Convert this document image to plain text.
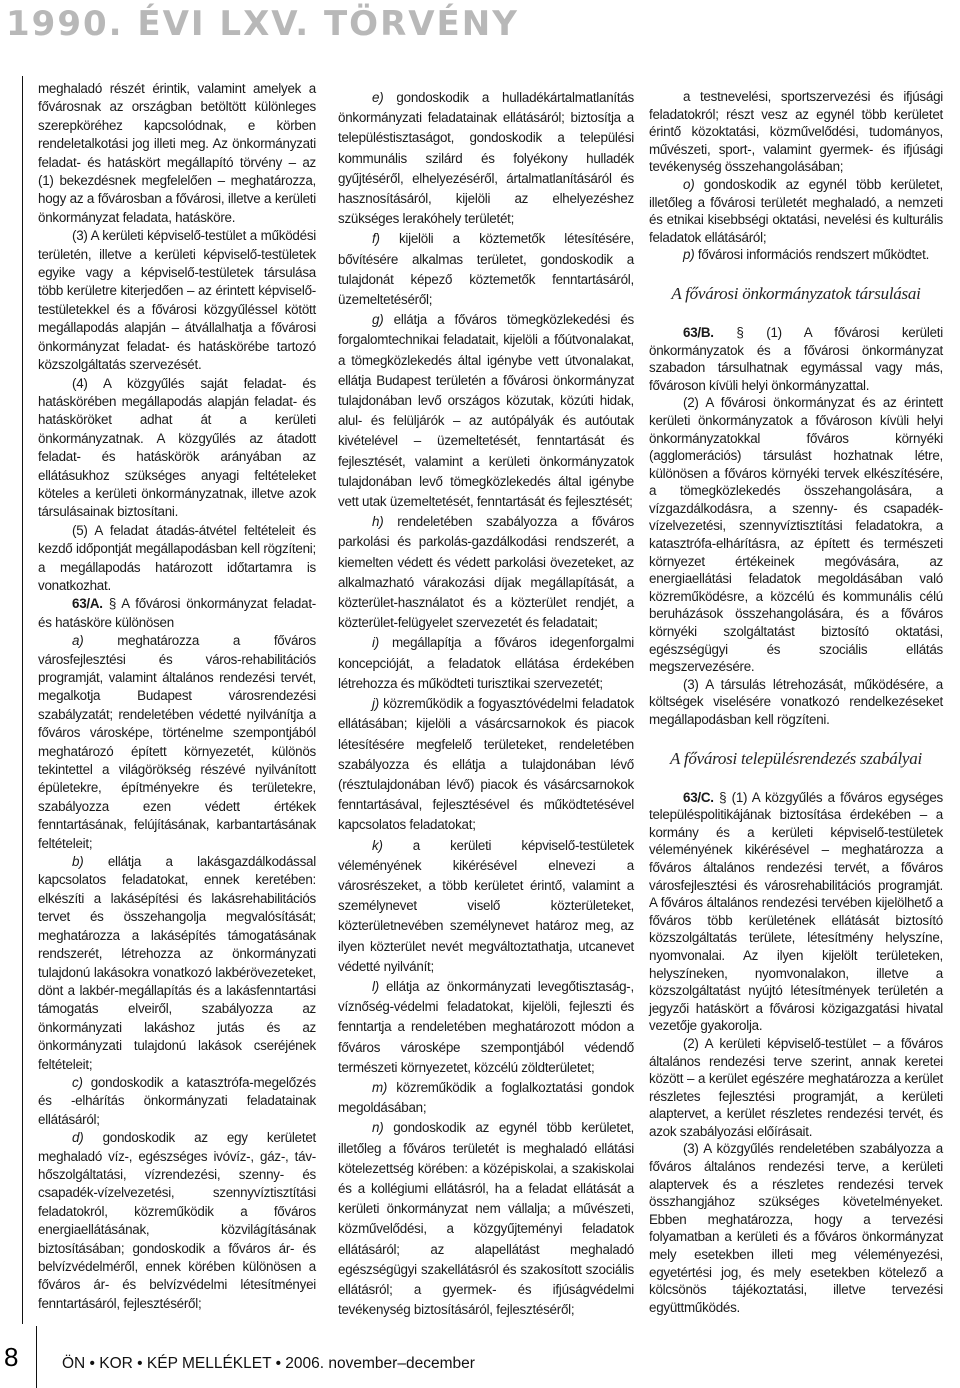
1990. ÉVI LXV. TÖRVÉNY

meghaladó részét érintik, valamint amelyek a fővárosnak az országban betöltött különleges szerepköréhez kapcsolódnak, e körben rendeletalkotási jog illeti meg. Az önkormányzati feladat- és hatáskört megállapító törvény – az (1) bekezdésnek megfelelően – meghatározza, hogy az a fővárosban a fővárosi, illetve a kerületi önkormányzat feladata, hatásköre.

(3) A kerületi képviselő-testület a működési területén, illetve a kerületi képviselő-testületek egyike vagy a képviselő-testületek társulása több kerületre kiterjedően – az érintett képviselő-testületekkel és a fővárosi közgyűléssel kötött megállapodás alapján – átvállalhatja a fővárosi önkormányzat feladat- és hatáskörébe tartozó közszolgáltatás szervezését.

(4) A közgyűlés saját feladat- és hatáskörében megállapodás alapján feladat- és hatásköröket adhat át a kerületi önkormányzatnak. A közgyűlés az átadott feladat- és hatáskörök arányában az ellátásukhoz szükséges anyagi feltételeket köteles a kerületi önkormányzatnak, illetve azok társulásainak biztosítani.

(5) A feladat átadás-átvétel feltételeit és kezdő időpontját megállapodásban kell rögzíteni; a megállapodás határozott időtartamra is vonatkozhat.

63/A. § A fővárosi önkormányzat feladat- és hatásköre különösen

a)	meghatározza a főváros városfejlesztési és város-rehabilitációs programját, valamint általános rendezési tervét, megalkotja Budapest városrendezési szabályzatát; rendeletében védetté nyilvánítja a főváros városképe, történelme szempontjából meghatározó épített környezetét, különös tekintettel a világörökség részévé nyilvánított épületekre, építményekre és területekre, szabályozza ezen védett értékek fenntartásának, felújításának, karbantartásának feltételeit;

b) ellátja a lakásgazdálkodással kapcsolatos feladatokat, ennek keretében: elkészíti a lakásépítési és lakásrehabilitációs tervet és összehangolja megvalósítását; meghatározza a lakásépítés támogatásának rendszerét, létrehozza az önkormányzati tulajdonú lakásokra vonatkozó lakbérövezeteket, dönt a lakbér-megállapítás és a lakásfenntartási támogatás elveiről, szabályozza az önkormányzati lakáshoz jutás és az önkormányzati tulajdonú lakások cseréjének feltételeit;

c) gondoskodik a katasztrófa-megelőzés és -elhárítás önkormányzati feladatainak ellátásáról;

d) gondoskodik az egy kerületet meghaladó víz-, egészséges ivóvíz-, gáz-, táv-hőszolgáltatási, vízrendezési, szenny- és csapadék-vízelvezetési, szennyvíztisztítási feladatokról, közreműködik a főváros energiaellátásának, közvilágításának biztosításában; gondoskodik a főváros ár- és belvízvédelméről, ennek körében különösen a főváros ár- és belvízvédelmi létesítményei fenntartásáról, fejlesztéséről;

e) gondoskodik a hulladékártalmatlanítás önkormányzati feladatainak ellátásáról; biztosítja a településtisztaságot, gondoskodik a települési kommunális szilárd és folyékony hulladék gyűjtéséről, elhelyezéséről, ártalmatlanításáról és hasznosításáról, kijelöli az elhelyezéshez szükséges lerakóhely területét;

f) kijelöli a köztemetők létesítésére, bővítésére alkalmas területet, gondoskodik a tulajdonát képező köztemetők fenntartásáról, üzemeltetéséről;

g) ellátja a főváros tömegközlekedési és forgalomtechnikai feladatait, kijelöli a főútvonalakat, a tömegközlekedés által igénybe vett útvonalakat, ellátja Budapest területén a fővárosi önkormányzat tulajdonában levő országos közutak, közúti hidak, alul- és felüljárók – az autópályák és autóutak kivételével – üzemeltetését, fenntartását és fejlesztését, valamint a kerületi önkormányzatok tulajdonában levő tömegközlekedés által igénybe vett utak üzemeltetését, fenntartását és fejlesztését;

h) rendeletében szabályozza a főváros parkolási és parkolás-gazdálkodási rendszerét, a kiemelten védett és védett parkolási övezeteket, az alkalmazható várakozási díjak megállapítását, a közterület-használatot és a közterület rendjét, a közterület-felügyelet szervezetét és feladatait;

i) megállapítja a főváros idegenforgalmi koncepcióját, a feladatok ellátása érdekében létrehozza és működteti turisztikai szervezetét;

j) közreműködik a fogyasztóvédelmi feladatok ellátásában; kijelöli a vásárcsarnokok és piacok létesítésére megfelelő területeket, rendeletében szabályozza és ellátja a tulajdonában lévő (résztulajdonában lévő) piacok és vásárcsarnokok fenntartásával, fejlesztésével és működtetésével kapcsolatos feladatokat;

k) a kerületi képviselő-testületek véleményének kikérésével elnevezi a városrészeket, a több kerületet érintő, valamint a személynevet viselő közterületeket, közterületnevében személynevet határoz meg, az ilyen közterület nevét megváltoztathatja, utcanevet védetté nyilvánít;

l) ellátja az önkormányzati levegőtisztaság-, víznőség-védelmi feladatokat, kijelöli, fejleszti és fenntartja a rendeletében meghatározott módon a főváros városképe szempontjából védendő természeti környezetet, közcélú zöldterületet;

m) közreműködik a foglalkoztatási gondok megoldásában;

n) gondoskodik az egynél több kerületet, illetőleg a főváros területét is meghaladó ellátási kötelezettség körében: a középiskolai, a szakiskolai és a kollégiumi ellátásról, ha a feladat ellátását a kerületi önkormányzat nem vállalja; a művészeti, közművelődési, a közgyűjteményi feladatok ellátásáról; az alapellátást meghaladó egészségügyi szakellátásról és szakosított szociális ellátásról; a gyermek- és ifjúságvédelmi tevékenység biztosításáról, fejlesztéséről;

a testnevelési, sportszervezési és ifjúsági feladatokról; részt vesz az egynél több kerületet érintő közoktatási, közművelődési, tudományos, művészeti, sport-, valamint gyermek- és ifjúsági tevékenység összehangolásában;

o) gondoskodik az egynél több kerületet, illetőleg a fővárosi területét meghaladó, a nemzeti és etnikai kisebbségi oktatási, nevelési és kulturális feladatok ellátásáról;

p) fővárosi információs rendszert működtet.

A fővárosi önkormányzatok társulásai

63/B. § (1) A fővárosi kerületi önkormányzatok és a fővárosi önkormányzat szabadon társulhatnak egymással vagy más, fővároson kívüli helyi önkormányzattal.

(2) A fővárosi önkormányzat és az érintett kerületi önkormányzatok a fővároson kívüli helyi önkormányzatokkal főváros környéki (agglomerációs) társulást hozhatnak létre, különösen a főváros környéki tervek elkészítésére, a tömegközlekedés összehangolására, a vízgazdálkodásra, a szenny- és csapadék-vízelvezetési, szennyvíztisztítási feladatokra, a katasztrófa-elhárításra, az épített és természeti környezet értékeinek megóvására, az energiaellátási feladatok megoldásában való közreműködésre, a közcélú és kommunális célú beruházások összehangolására, és a főváros környéki szolgáltatást biztosító oktatási, egészségügyi és szociális ellátás megszervezésére.

(3) A társulás létrehozását, működésére, a költségek viselésére vonatkozó rendelkezéseket megállapodásban kell rögzíteni.

A fővárosi településrendezés szabályai

63/C. § (1) A közgyűlés a főváros egységes településpolitikájának biztosítása érdekében – a kormány és a kerületi képviselő-testületek véleményének kikérésével – meghatározza a főváros általános rendezési tervét, a főváros városfejlesztési és városrehabilitációs programját. A főváros általános rendezési tervében kijelölhető a főváros több kerületének ellátását biztosító közszolgáltatás területe, létesítmény helyszíne, nyomvonalai. Az ilyen kijelölt területeken, helyszíneken, nyomvonalakon, illetve a közszolgáltatást nyújtó létesítmények területén a jegyzői hatáskört a fővárosi közigazgatási hivatal vezetője gyakorolja.

(2) A kerületi képviselő-testület – a főváros általános rendezési terve szerint, annak keretei között – a kerület egészére meghatározza a kerület részletes fejlesztési programját, a kerületi alaptervet, a kerület részletes rendezési tervét, és azok szabályozási előírásait.

(3) A közgyűlés rendeletében szabályozza a főváros általános rendezési terve, a kerületi alaptervek és a részletes rendezési tervek összhangjához szükséges követelményeket. Ebben meghatározza, hogy a tervezési folyamatban a kerületi és a főváros önkormányzat mely esetekben illeti meg véleményezési, egyetértési jog, és mely esetekben kötelező a kölcsönös tájékoztatási, illetve tervezési együttműködés.

8	ÖN • KOR • KÉP MELLÉKLET • 2006. november–december
